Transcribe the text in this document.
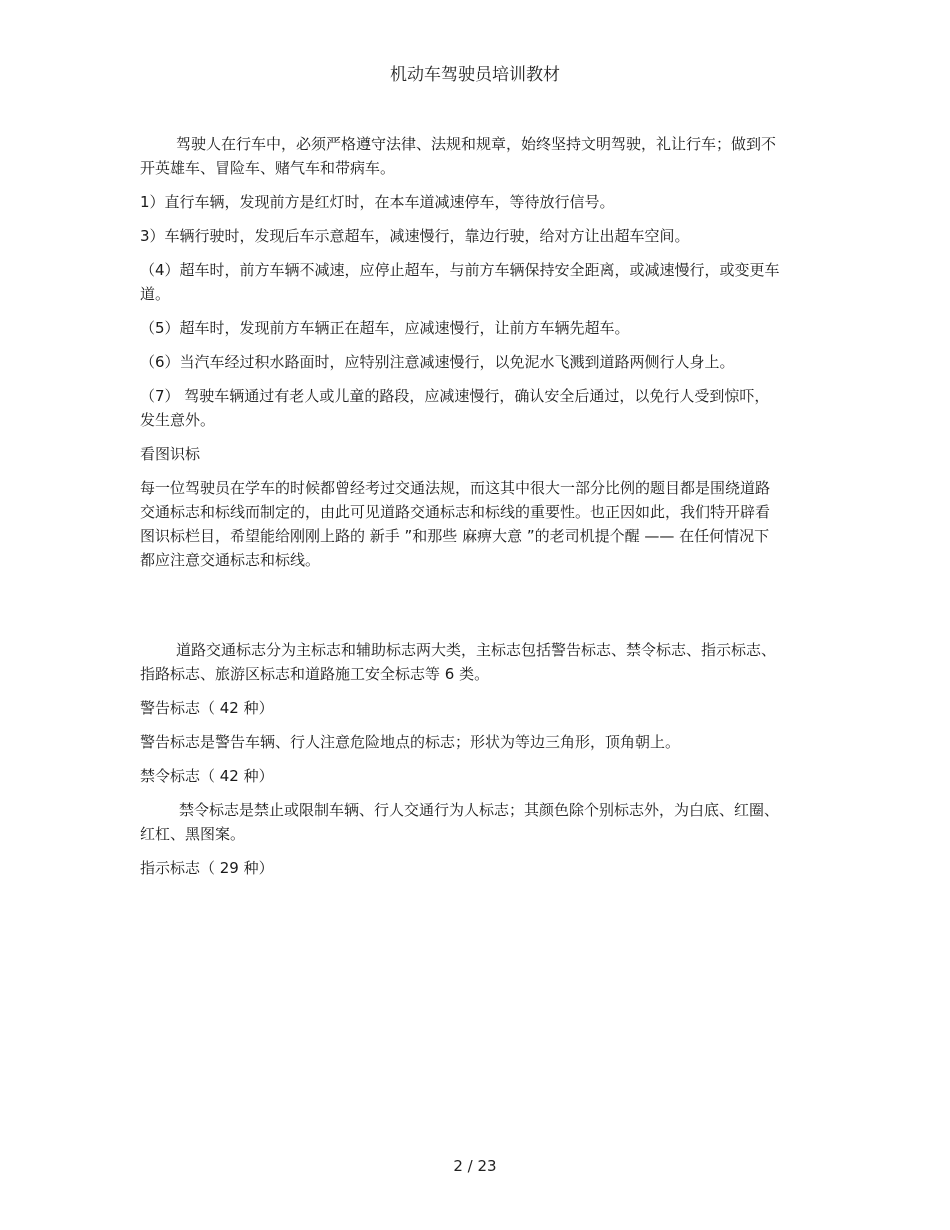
机动车驾驶员培训教材

驾驶人在行车中，必须严格遵守法律、法规和规章，始终坚持文明驾驶，礼让行车；做到不开英雄车、冒险车、赌气车和带病车。

1）直行车辆，发现前方是红灯时，在本车道减速停车，等待放行信号。

3）车辆行驶时，发现后车示意超车，减速慢行，靠边行驶，给对方让出超车空间。

（4）超车时，前方车辆不减速，应停止超车，与前方车辆保持安全距离，或减速慢行，或变更车道。

（5）超车时，发现前方车辆正在超车，应减速慢行，让前方车辆先超车。

（6）当汽车经过积水路面时，应特别注意减速慢行，以免泥水飞溅到道路两侧行人身上。

（7） 驾驶车辆通过有老人或儿童的路段，应减速慢行，确认安全后通过，以免行人受到惊吓，发生意外。

看图识标

每一位驾驶员在学车的时候都曾经考过交通法规，而这其中很大一部分比例的题目都是围绕道路交通标志和标线而制定的，由此可见道路交通标志和标线的重要性。也正因如此，我们特开辟看图识标栏目，希望能给刚刚上路的 新手 ”和那些 麻痹大意 ”的老司机提个醒 —— 在任何情况下都应注意交通标志和标线。

道路交通标志分为主标志和辅助标志两大类，主标志包括警告标志、禁令标志、指示标志、指路标志、旅游区标志和道路施工安全标志等 6 类。

警告标志（ 42 种）

警告标志是警告车辆、行人注意危险地点的标志；形状为等边三角形，顶角朝上。

禁令标志（ 42 种）

禁令标志是禁止或限制车辆、行人交通行为人标志；其颜色除个别标志外，为白底、红圈、红杠、黑图案。

指示标志（ 29 种）

2 / 23
